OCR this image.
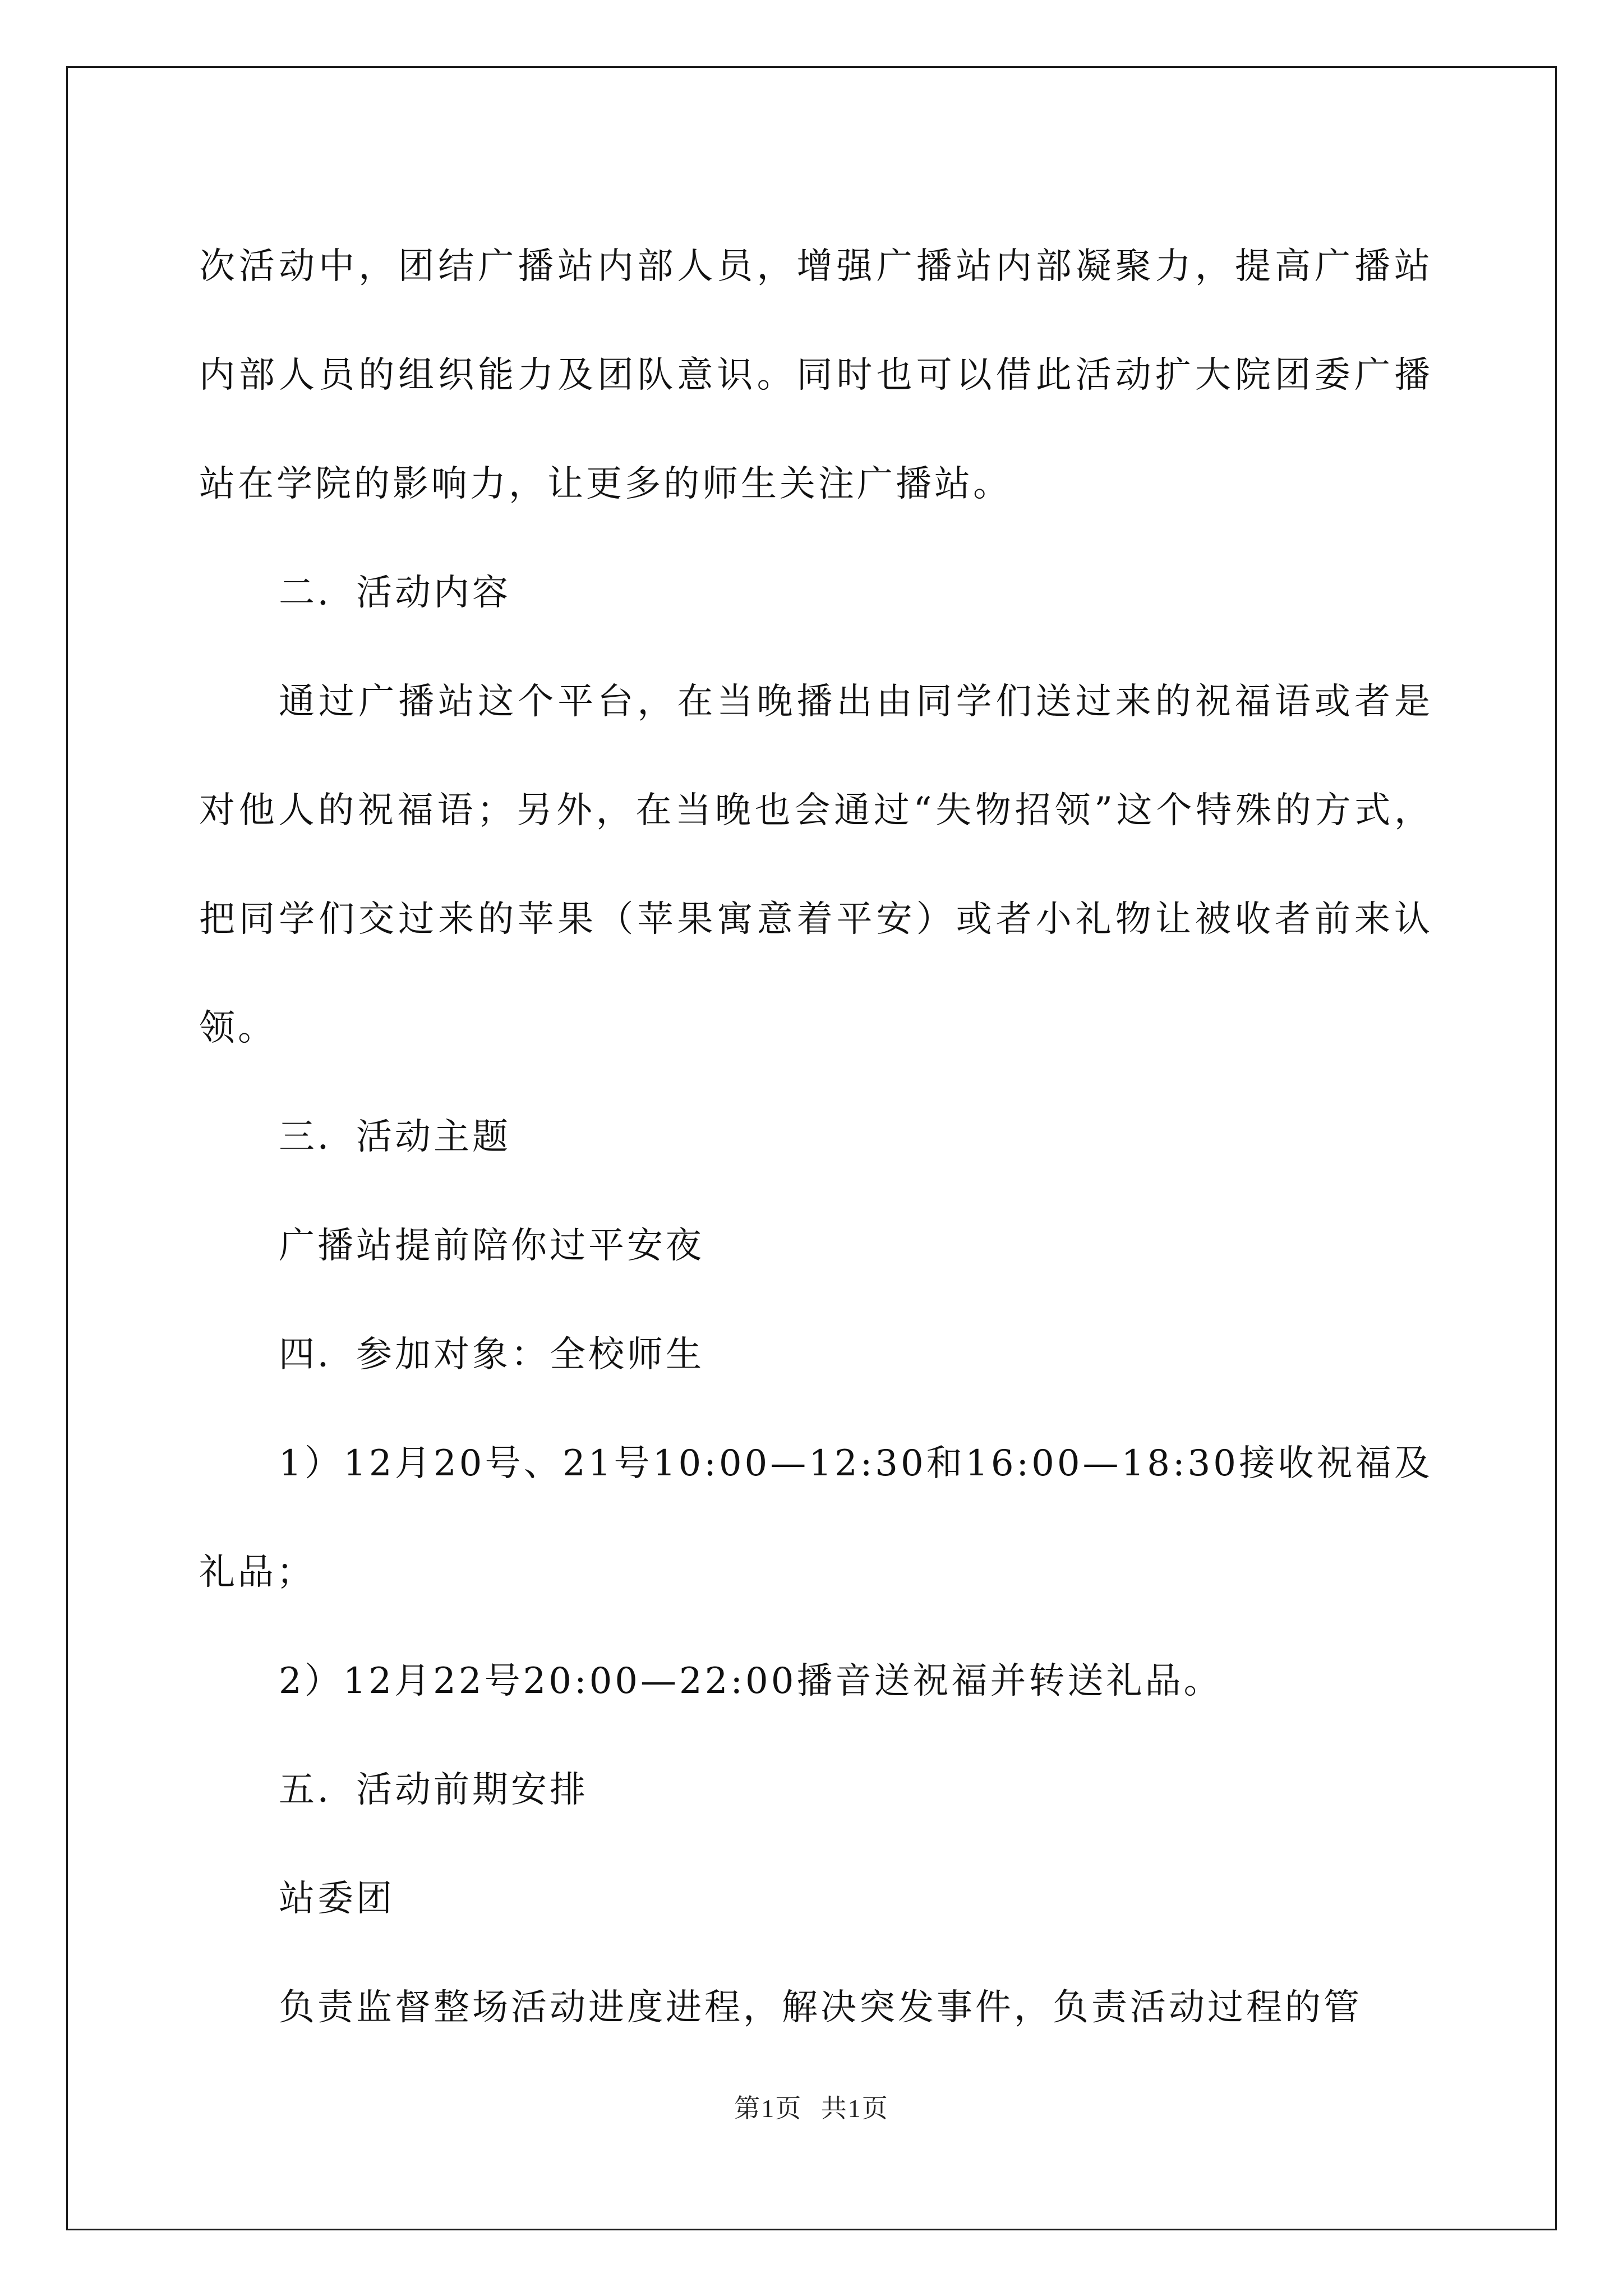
次活动中，团结广播站内部人员，增强广播站内部凝聚力，提高广播站内部人员的组织能力及团队意识。同时也可以借此活动扩大院团委广播站在学院的影响力，让更多的师生关注广播站。

二．活动内容

通过广播站这个平台，在当晚播出由同学们送过来的祝福语或者是对他人的祝福语；另外，在当晚也会通过“失物招领”这个特殊的方式，把同学们交过来的苹果（苹果寓意着平安）或者小礼物让被收者前来认领。

三．活动主题

广播站提前陪你过平安夜

四．参加对象：全校师生

1）12月20号、21号10:00—12:30和16:00—18:30接收祝福及礼品；

2）12月22号20:00—22:00播音送祝福并转送礼品。

五．活动前期安排

站委团

负责监督整场活动进度进程，解决突发事件，负责活动过程的管

第1页 共1页
